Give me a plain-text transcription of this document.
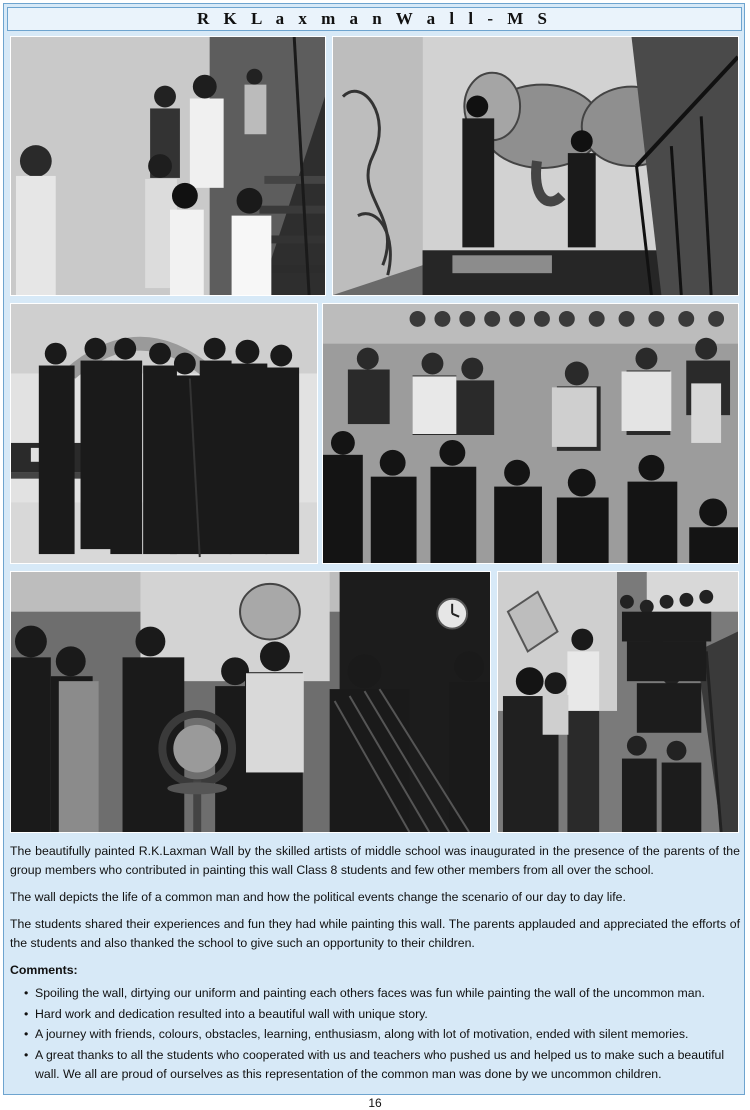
R K L a x m a n W a l l - M S

The beautifully painted R.K.Laxman Wall by the skilled artists of middle school was inaugurated in the presence of the parents of the group members who contributed in painting this wall Class 8 students and few other members from all over the school.

The wall depicts the life of a common man and how the political events change the scenario of our day to day life.

The students shared their experiences and fun they had while painting this wall. The parents applauded and appreciated the efforts of the students and also thanked the school to give such an opportunity to their children.

Comments:
• Spoiling the wall, dirtying our uniform and painting each others faces was fun while painting the wall of the uncommon man.
• Hard work and dedication resulted into a beautiful wall with unique story.
• A journey with friends, colours, obstacles, learning, enthusiasm, along with lot of motivation, ended with silent memories.
• A great thanks to all the students who cooperated with us and teachers who pushed us and helped us to make such a beautiful wall. We all are proud of ourselves as this representation of the common man was done by we uncommon children.
16
